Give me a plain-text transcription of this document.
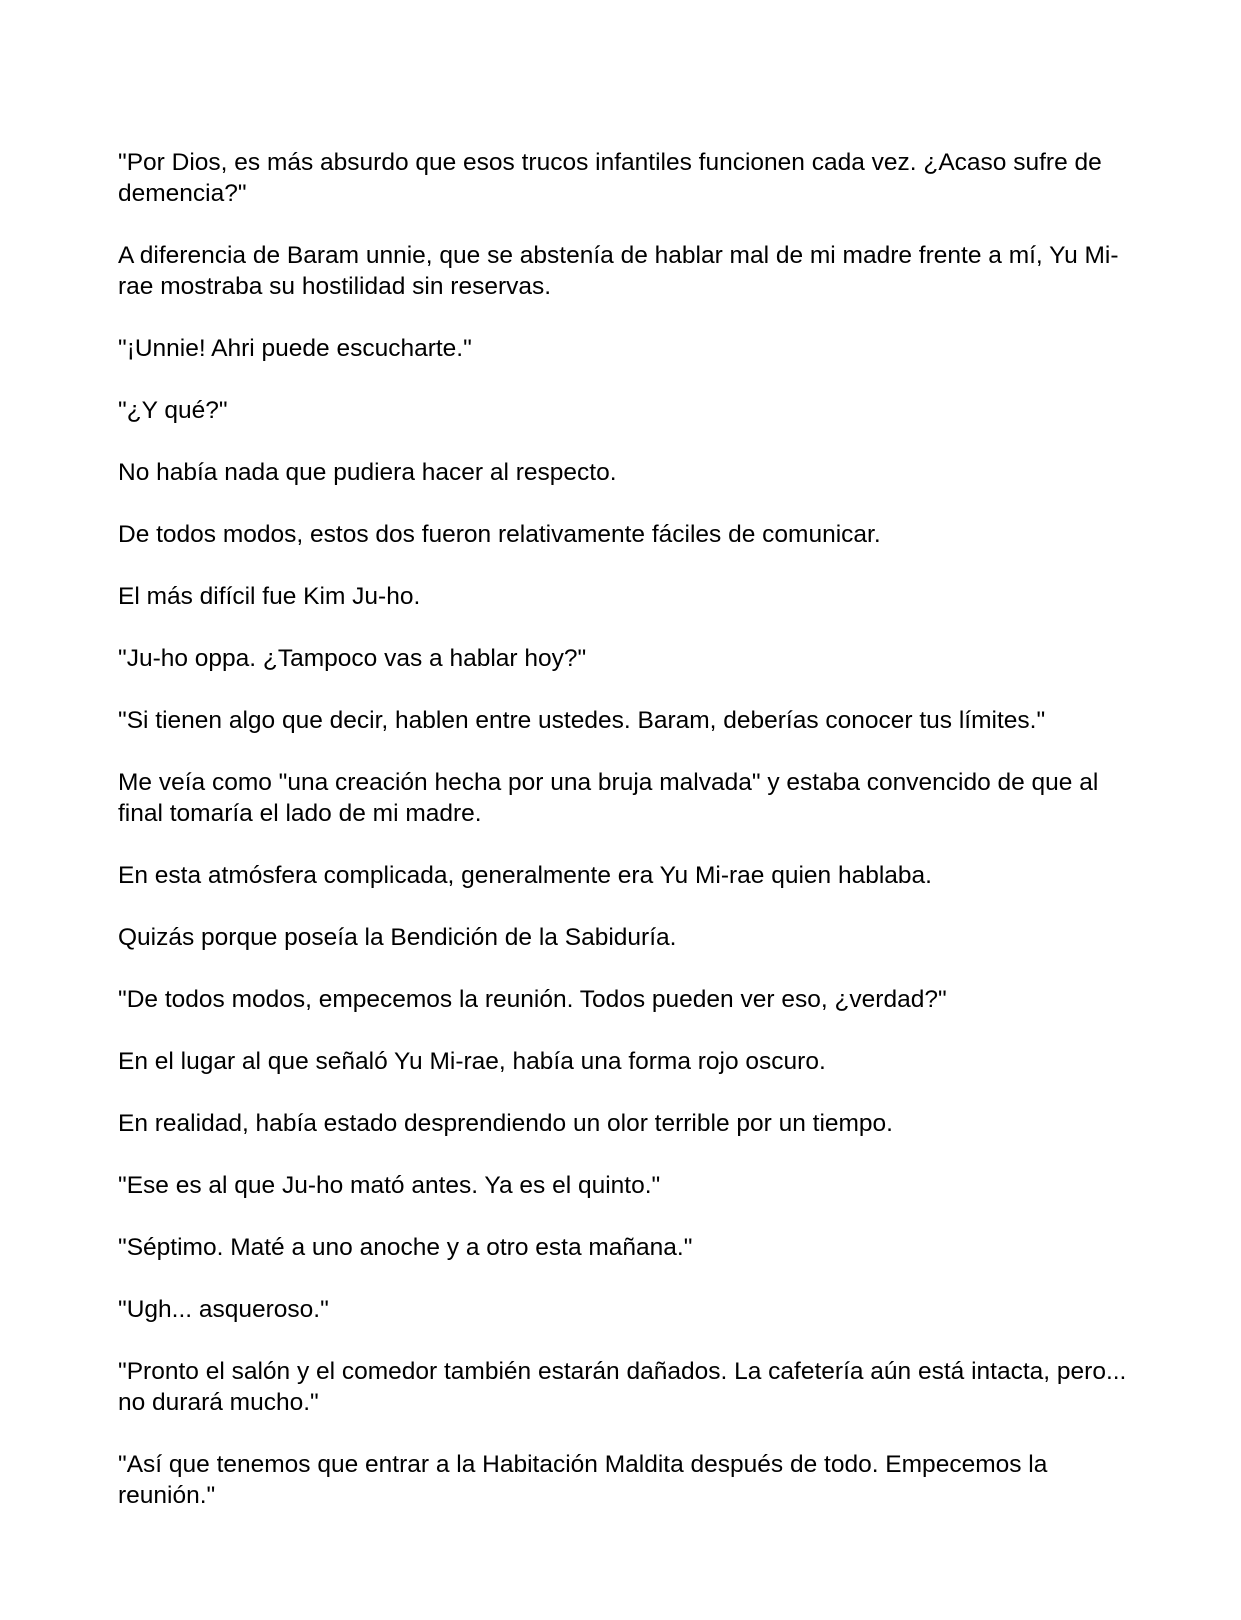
"Por Dios, es más absurdo que esos trucos infantiles funcionen cada vez. ¿Acaso sufre de demencia?"

A diferencia de Baram unnie, que se abstenía de hablar mal de mi madre frente a mí, Yu Mi-rae mostraba su hostilidad sin reservas.

"¡Unnie! Ahri puede escucharte."

"¿Y qué?"

No había nada que pudiera hacer al respecto.

De todos modos, estos dos fueron relativamente fáciles de comunicar.

El más difícil fue Kim Ju-ho.

"Ju-ho oppa. ¿Tampoco vas a hablar hoy?"

"Si tienen algo que decir, hablen entre ustedes. Baram, deberías conocer tus límites."

Me veía como "una creación hecha por una bruja malvada" y estaba convencido de que al final tomaría el lado de mi madre.

En esta atmósfera complicada, generalmente era Yu Mi-rae quien hablaba.

Quizás porque poseía la Bendición de la Sabiduría.

"De todos modos, empecemos la reunión. Todos pueden ver eso, ¿verdad?"

En el lugar al que señaló Yu Mi-rae, había una forma rojo oscuro.

En realidad, había estado desprendiendo un olor terrible por un tiempo.

"Ese es al que Ju-ho mató antes. Ya es el quinto."

"Séptimo. Maté a uno anoche y a otro esta mañana."

"Ugh... asqueroso."

"Pronto el salón y el comedor también estarán dañados. La cafetería aún está intacta, pero... no durará mucho."

"Así que tenemos que entrar a la Habitación Maldita después de todo. Empecemos la reunión."
